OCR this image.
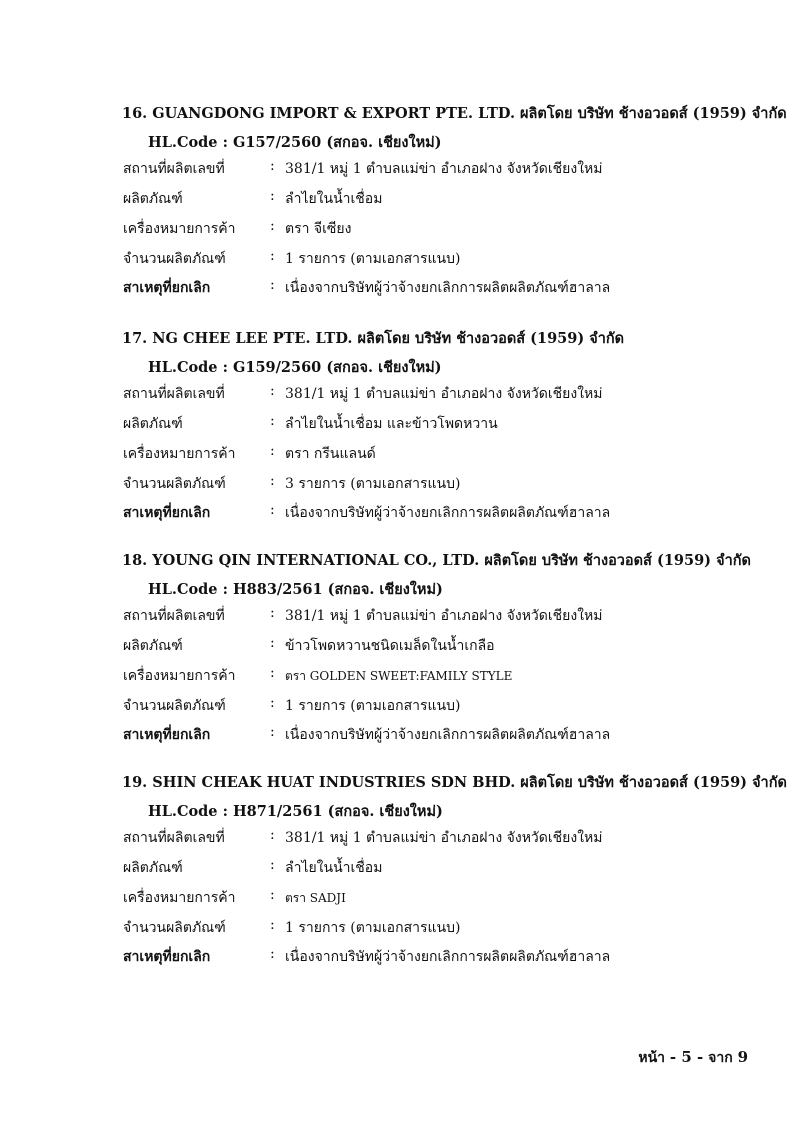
16. GUANGDONG IMPORT & EXPORT PTE. LTD. ผลิตโดย บริษัท ช้างอวอดส์ (1959) จำกัด
HL.Code : G157/2560 (สกอจ. เชียงใหม่)
สถานที่ผลิตเลขที่	: 381/1 หมู่ 1 ตำบลแม่ข่า อำเภอฝาง จังหวัดเชียงใหม่
ผลิตภัณฑ์	: ลำไยในน้ำเชื่อม
เครื่องหมายการค้า : ตรา จีเซียง
จำนวนผลิตภัณฑ์	: 1 รายการ (ตามเอกสารแนบ)
สาเหตุที่ยกเลิก	: เนื่องจากบริษัทผู้ว่าจ้างยกเลิกการผลิตผลิตภัณฑ์ฮาลาล
17. NG CHEE LEE PTE. LTD. ผลิตโดย บริษัท ช้างอวอดส์ (1959) จำกัด
HL.Code : G159/2560 (สกอจ. เชียงใหม่)
สถานที่ผลิตเลขที่	: 381/1 หมู่ 1 ตำบลแม่ข่า อำเภอฝาง จังหวัดเชียงใหม่
ผลิตภัณฑ์	: ลำไยในน้ำเชื่อม และข้าวโพดหวาน
เครื่องหมายการค้า : ตรา กรีนแลนด์
จำนวนผลิตภัณฑ์	: 3 รายการ (ตามเอกสารแนบ)
สาเหตุที่ยกเลิก	: เนื่องจากบริษัทผู้ว่าจ้างยกเลิกการผลิตผลิตภัณฑ์ฮาลาล
18. YOUNG QIN INTERNATIONAL CO., LTD. ผลิตโดย บริษัท ช้างอวอดส์ (1959) จำกัด
HL.Code : H883/2561 (สกอจ. เชียงใหม่)
สถานที่ผลิตเลขที่	: 381/1 หมู่ 1 ตำบลแม่ข่า อำเภอฝาง จังหวัดเชียงใหม่
ผลิตภัณฑ์	: ข้าวโพดหวานชนิดเมล็ดในน้ำเกลือ
เครื่องหมายการค้า : ตรา GOLDEN SWEET:FAMILY STYLE
จำนวนผลิตภัณฑ์	: 1 รายการ (ตามเอกสารแนบ)
สาเหตุที่ยกเลิก	: เนื่องจากบริษัทผู้ว่าจ้างยกเลิกการผลิตผลิตภัณฑ์ฮาลาล
19. SHIN CHEAK HUAT INDUSTRIES SDN BHD. ผลิตโดย บริษัท ช้างอวอดส์ (1959) จำกัด
HL.Code : H871/2561 (สกอจ. เชียงใหม่)
สถานที่ผลิตเลขที่	: 381/1 หมู่ 1 ตำบลแม่ข่า อำเภอฝาง จังหวัดเชียงใหม่
ผลิตภัณฑ์	: ลำไยในน้ำเชื่อม
เครื่องหมายการค้า : ตรา SADJI
จำนวนผลิตภัณฑ์	: 1 รายการ (ตามเอกสารแนบ)
สาเหตุที่ยกเลิก	: เนื่องจากบริษัทผู้ว่าจ้างยกเลิกการผลิตผลิตภัณฑ์ฮาลาล
หน้า - 5 - จาก 9
